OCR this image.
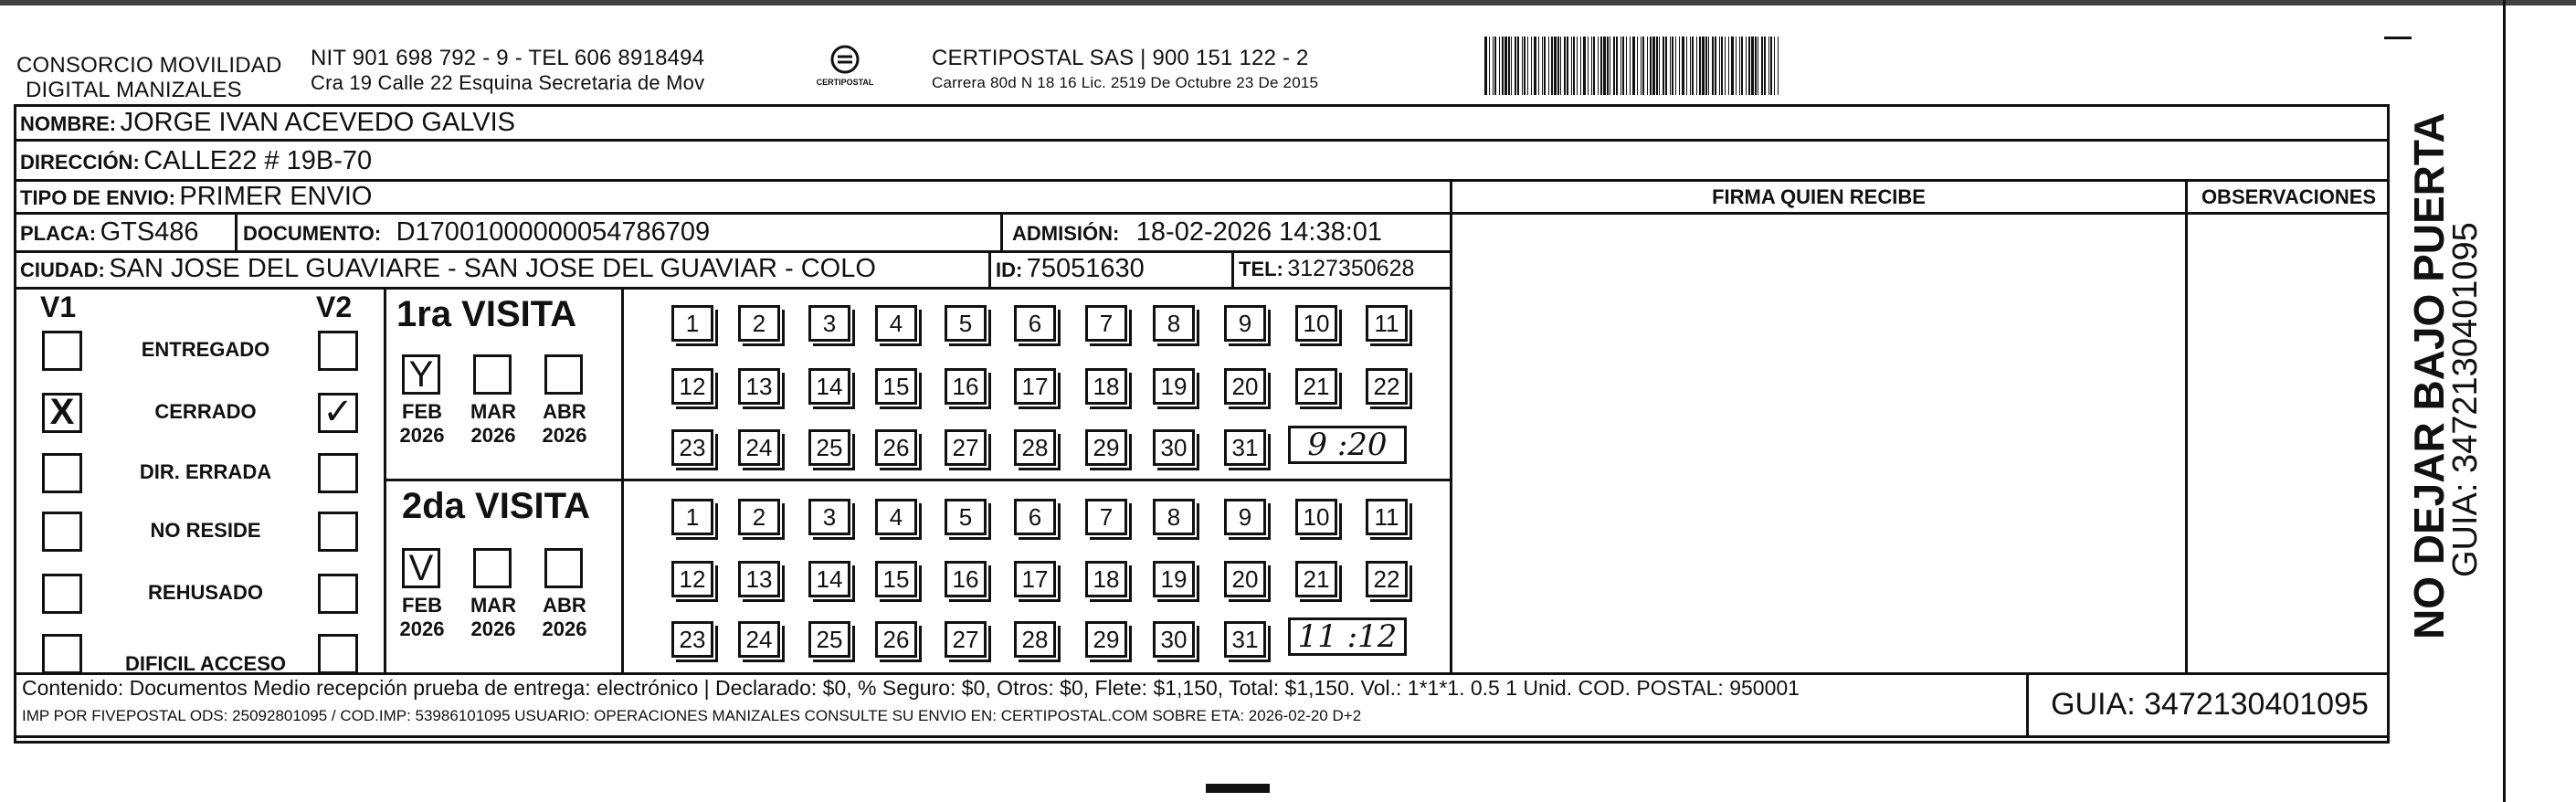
CONSORCIO MOVILIDAD
DIGITAL MANIZALES
NIT 901 698 792 - 9 - TEL 606 8918494
Cra 19 Calle 22 Esquina Secretaria de Mov	CERTIPOSTAL
CERTIPOSTAL SAS | 900 151 122 - 2
Carrera 80d N 18 16 Lic. 2519 De Octubre 23 De 2015
NOMBRE: JORGE IVAN ACEVEDO GALVIS
DIRECCIÓN: CALLE22 # 19B-70
TIPO DE ENVIO: PRIMER ENVIO
PLACA: GTS486 DOCUMENTO: D17001000000054786709	ADMISIÓN: 18-02-2026 14:38:01
CIUDAD: SAN JOSE DEL GUAVIARE - SAN JOSE DEL GUAVIAR - COLO	ID: 75051630	TEL: 3127350628
FIRMA QUIEN RECIBE	OBSERVACIONES
V1	V2 1ra VISITA
2da VISITA
Contenido: Documentos Medio recepción prueba de entrega: electrónico | Declarado: $0, % Seguro: $0, Otros: $0, Flete: $1,150, Total: $1,150. Vol.: 1*1*1. 0.5 1 Unid. COD. POSTAL: 950001
IMP POR FIVEPOSTAL ODS: 25092801095 / COD.IMP: 53986101095 USUARIO: OPERACIONES MANIZALES CONSULTE SU ENVIO EN: CERTIPOSTAL.COM SOBRE ETA: 2026-02-20 D+2	GUIA: 3472130401095
NO DEJAR BAJO PUERTA
GUIA: 3472130401095
ENTREGADO
X	CERRADO	✓
DIR. ERRADA
NO RESIDE
REHUSADO
DIFICIL ACCESO
Y
FEB
2026
MAR
2026
ABR
2026
V
FEB
2026
MAR
2026
ABR
2026
1	2	3	4	5	6	7	8	9	10	11
12	13	14	15	16	17	18	19	20	21	22
23	24	25	26	27	28	29	30	31
1	2	3	4	5	6	7	8	9	10	11
12	13	14	15	16	17	18	19	20	21	22
23	24	25	26	27	28	29	30	31
9 :20
11 :12
